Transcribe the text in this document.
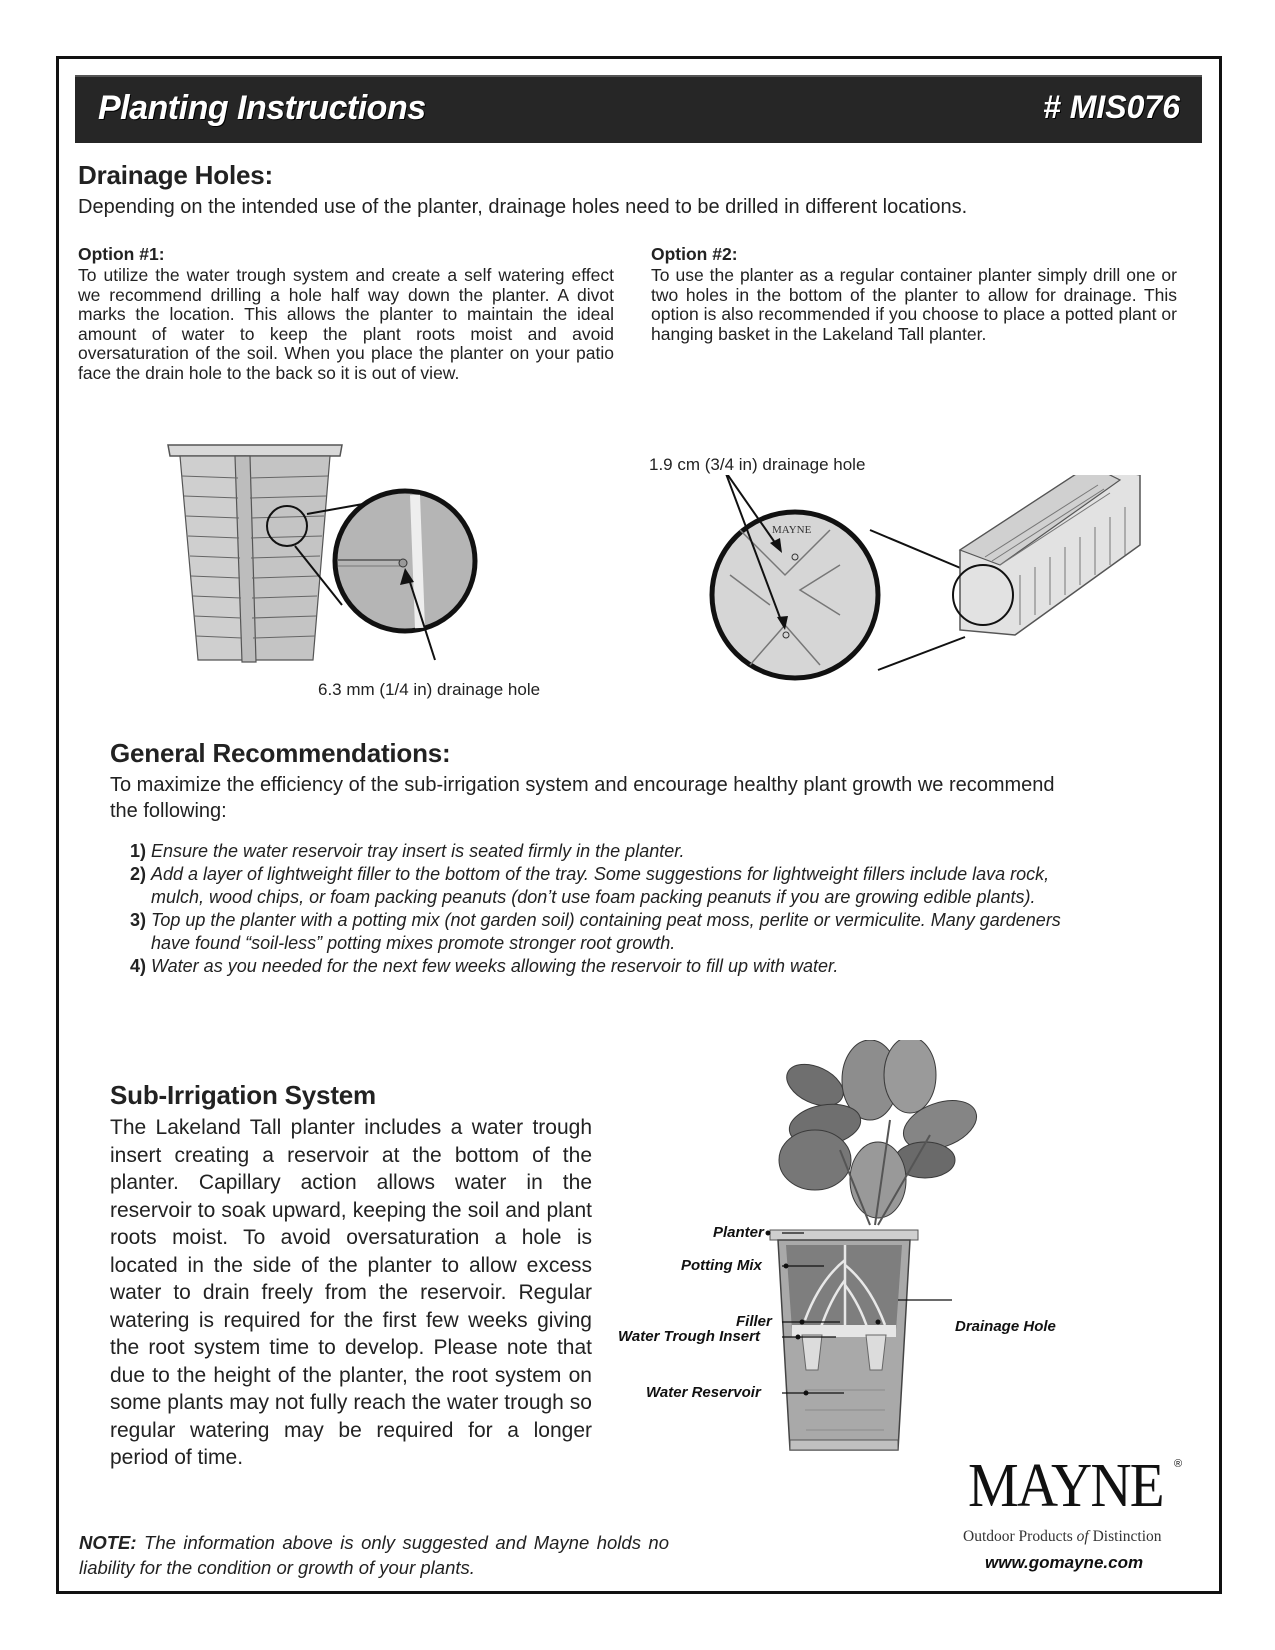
Planting Instructions	# MIS076
Drainage Holes:
Depending on the intended use of the planter, drainage holes need to be drilled in different locations.
Option #1:
To utilize the water trough system and create a self watering effect we recommend drilling a hole half way down the planter. A divot marks the location. This allows the planter to maintain the ideal amount of water to keep the plant roots moist and avoid oversaturation of the soil. When you place the planter on your patio face the drain hole to the back so it is out of view.
Option #2:
To use the planter as a regular container planter simply drill one or two holes in the bottom of the planter to allow for drainage. This option is also recommended if you choose to place a potted plant or hanging basket in the Lakeland Tall planter.
6.3 mm (1/4 in) drainage hole
1.9 cm (3/4 in) drainage hole
MAYNE
General Recommendations:
To maximize the efficiency of the sub-irrigation system and encourage healthy plant growth we recommend the following:
1) Ensure the water reservoir tray insert is seated firmly in the planter.
2) Add a layer of lightweight filler to the bottom of the tray. Some suggestions for lightweight fillers include lava rock, mulch, wood chips, or foam packing peanuts (don’t use foam packing peanuts if you are growing edible plants).
3) Top up the planter with a potting mix (not garden soil) containing peat moss, perlite or vermiculite. Many gardeners have found “soil-less” potting mixes promote stronger root growth.
4) Water as you needed for the next few weeks allowing the reservoir to fill up with water.
Sub-Irrigation System
The Lakeland Tall planter includes a water trough insert creating a reservoir at the bottom of the planter. Capillary action allows water in the reservoir to soak upward, keeping the soil and plant roots moist. To avoid oversaturation a hole is located in the side of the planter to allow excess water to drain freely from the reservoir. Regular watering is required for the first few weeks giving the root system time to develop. Please note that due to the height of the planter, the root system on some plants may not fully reach the water trough so regular watering may be required for a longer period of time.
Planter
Potting Mix
Filler
Water Trough Insert
Water Reservoir
Drainage Hole
NOTE: The information above is only suggested and Mayne holds no liability for the condition or growth of your plants.
MAYNE ®
Outdoor Products of Distinction
www.gomayne.com
